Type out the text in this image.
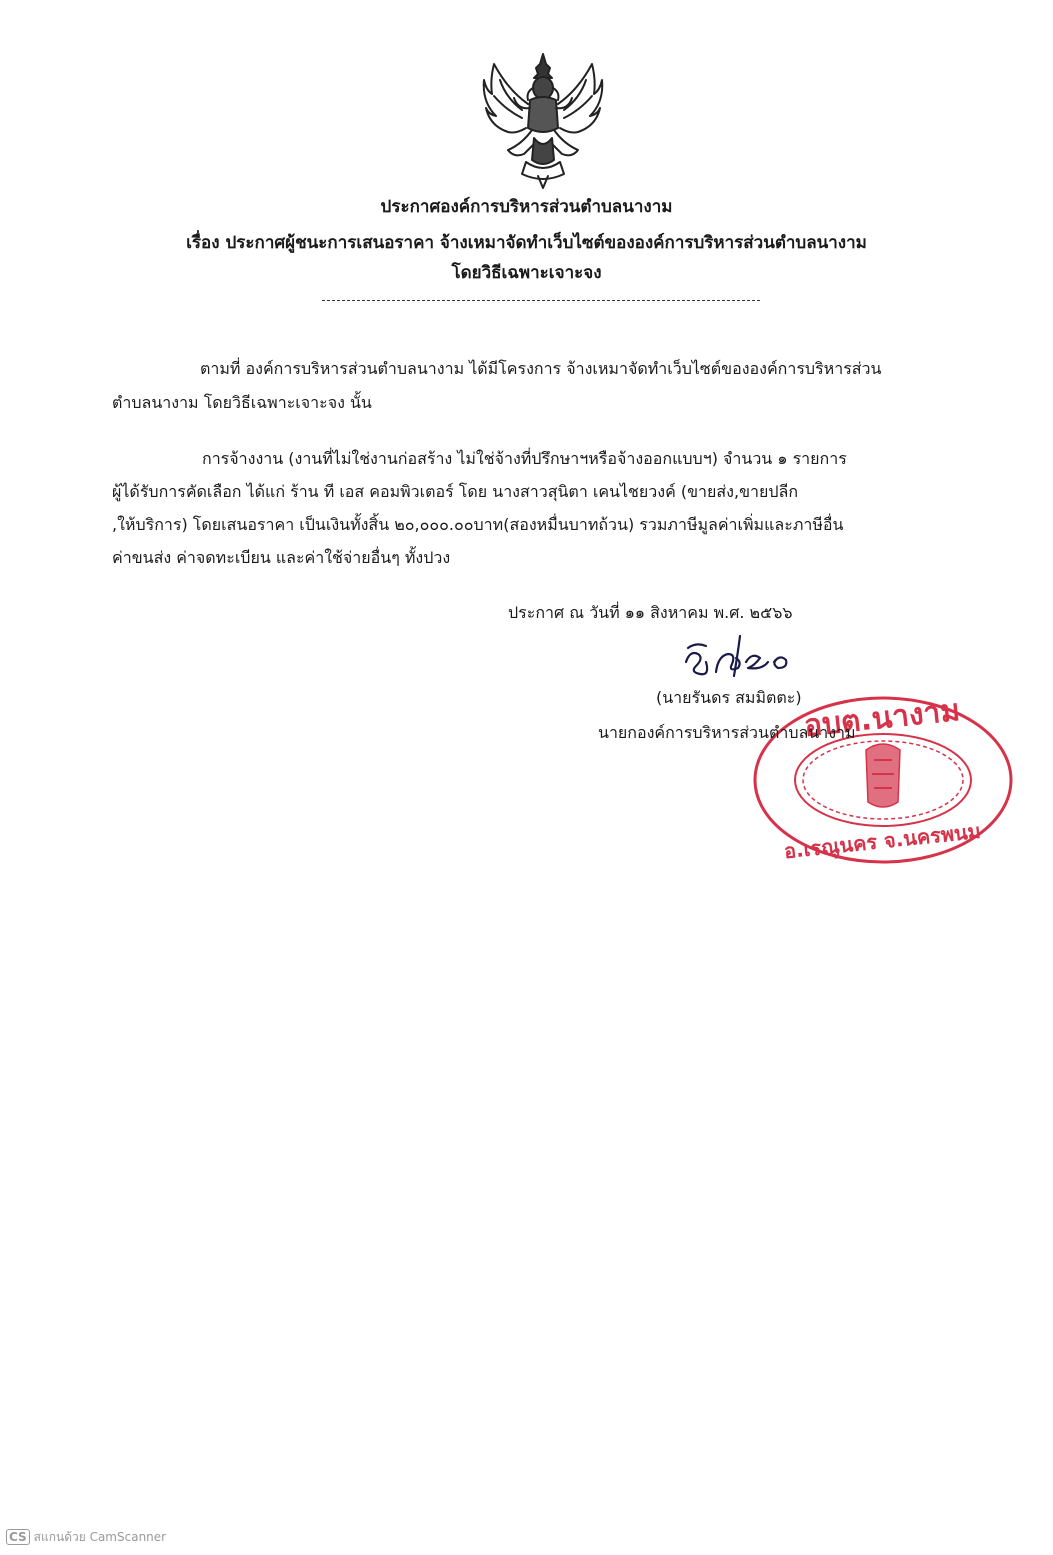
ประกาศองค์การบริหารส่วนตำบลนางาม
เรื่อง ประกาศผู้ชนะการเสนอราคา จ้างเหมาจัดทำเว็บไซต์ขององค์การบริหารส่วนตำบลนางาม
โดยวิธีเฉพาะเจาะจง
ตามที่ องค์การบริหารส่วนตำบลนางาม ได้มีโครงการ จ้างเหมาจัดทำเว็บไซต์ขององค์การบริหารส่วน
ตำบลนางาม โดยวิธีเฉพาะเจาะจง นั้น
การจ้างงาน (งานที่ไม่ใช่งานก่อสร้าง ไม่ใช่จ้างที่ปรึกษาฯหรือจ้างออกแบบฯ) จำนวน ๑ รายการ
ผู้ได้รับการคัดเลือก ได้แก่ ร้าน ที เอส คอมพิวเตอร์ โดย นางสาวสุนิตา เคนไชยวงค์ (ขายส่ง,ขายปลีก
,ให้บริการ) โดยเสนอราคา เป็นเงินทั้งสิ้น ๒๐,๐๐๐.๐๐บาท(สองหมื่นบาทถ้วน) รวมภาษีมูลค่าเพิ่มและภาษีอื่น
ค่าขนส่ง ค่าจดทะเบียน และค่าใช้จ่ายอื่นๆ ทั้งปวง
ประกาศ ณ วันที่ ๑๑ สิงหาคม พ.ศ. ๒๕๖๖
อบต.นางาม
อ.เรณูนคร จ.นครพนม
(นายรันดร สมมิตตะ)
นายกองค์การบริหารส่วนตำบลนางาม
CS สแกนด้วย CamScanner
